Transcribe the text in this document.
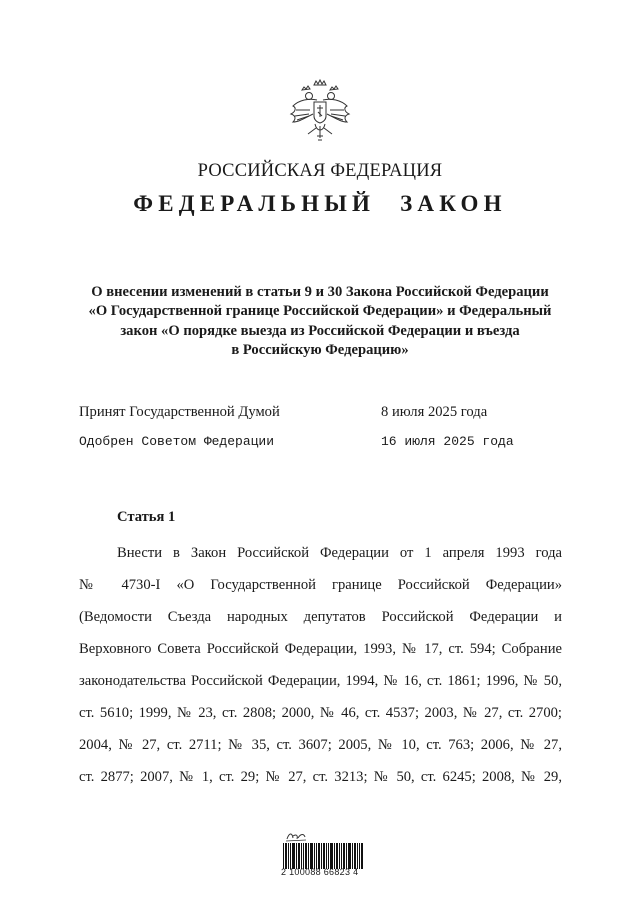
РОССИЙСКАЯ ФЕДЕРАЦИЯ
ФЕДЕРАЛЬНЫЙ ЗАКОН
О внесении изменений в статьи 9 и 30 Закона Российской Федерации
«О Государственной границе Российской Федерации» и Федеральный
закон «О порядке выезда из Российской Федерации и въезда
в Российскую Федерацию»
Принят Государственной Думой	8 июля 2025 года
Одобрен Советом Федерации	16 июля 2025 года
Статья 1
Внести в Закон Российской Федерации от 1 апреля 1993 года
№ 4730-I «О Государственной границе Российской Федерации»
(Ведомости Съезда народных депутатов Российской Федерации и
Верховного Совета Российской Федерации, 1993, № 17, ст. 594; Собрание
законодательства Российской Федерации, 1994, № 16, ст. 1861; 1996, № 50,
ст. 5610; 1999, № 23, ст. 2808; 2000, № 46, ст. 4537; 2003, № 27, ст. 2700;
2004, № 27, ст. 2711; № 35, ст. 3607; 2005, № 10, ст. 763; 2006, № 27,
ст. 2877; 2007, № 1, ст. 29; № 27, ст. 3213; № 50, ст. 6245; 2008, № 29,
2 100088 66823 4
